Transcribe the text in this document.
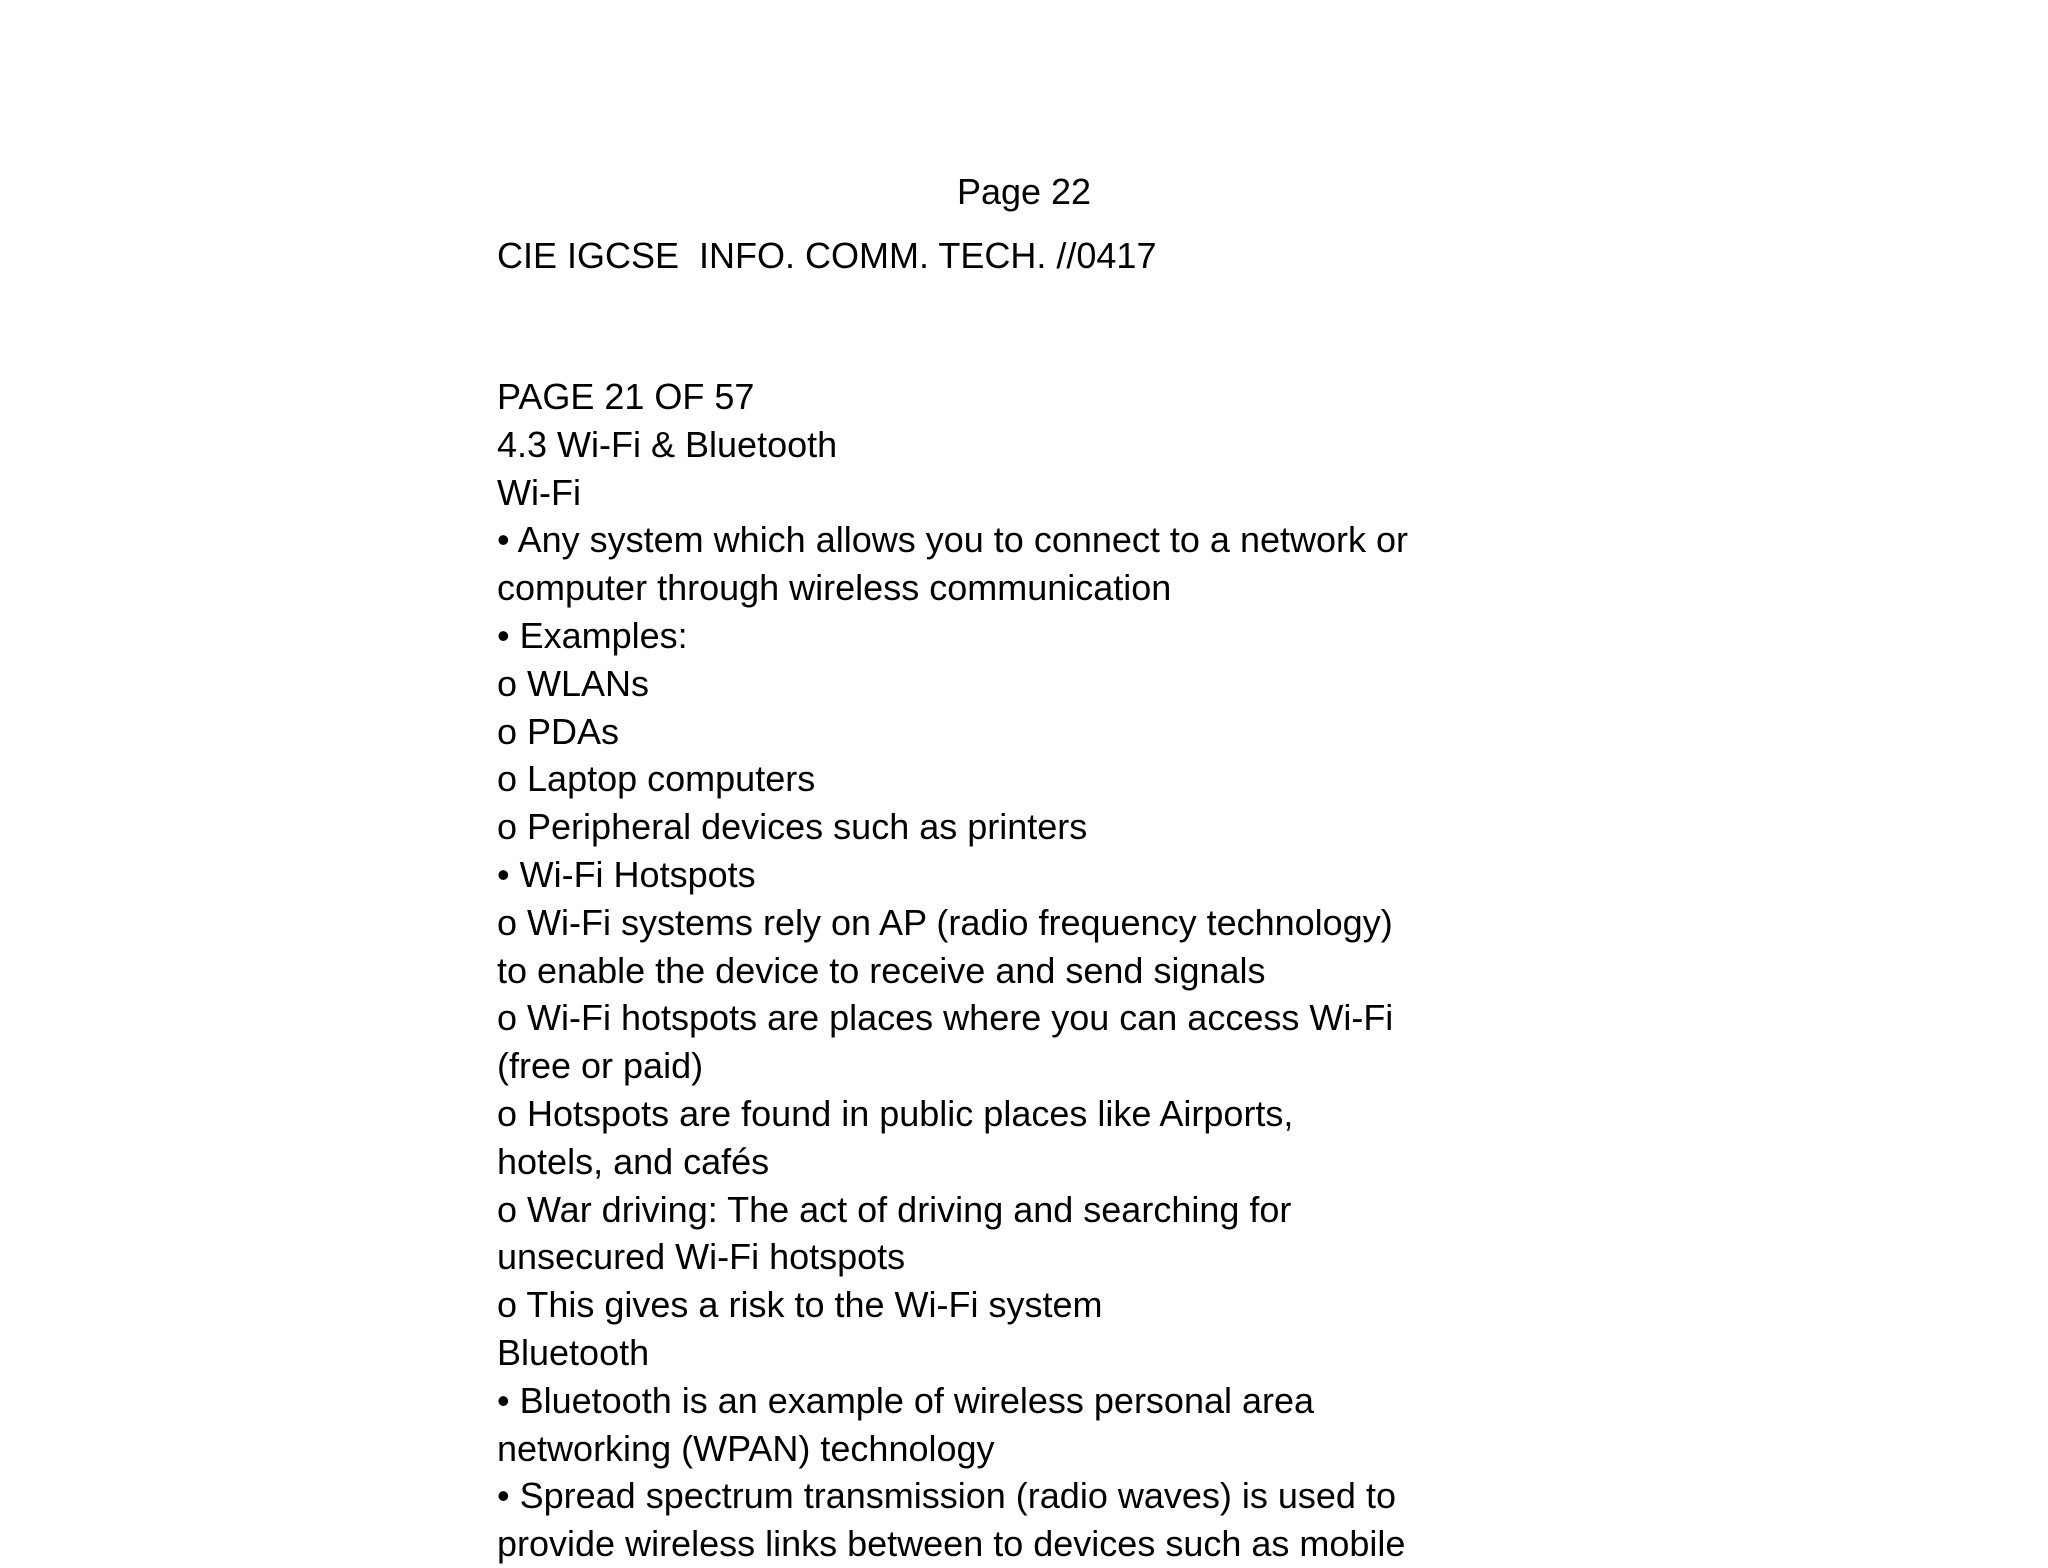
Page 22
CIE IGCSE  INFO. COMM. TECH. //0417
PAGE 21 OF 57
4.3 Wi-Fi & Bluetooth
Wi-Fi
• Any system which allows you to connect to a network or
computer through wireless communication
• Examples:
o WLANs
o PDAs
o Laptop computers
o Peripheral devices such as printers
• Wi-Fi Hotspots
o Wi-Fi systems rely on AP (radio frequency technology)
to enable the device to receive and send signals
o Wi-Fi hotspots are places where you can access Wi-Fi
(free or paid)
o Hotspots are found in public places like Airports,
hotels, and cafés
o War driving: The act of driving and searching for
unsecured Wi-Fi hotspots
o This gives a risk to the Wi-Fi system
Bluetooth
• Bluetooth is an example of wireless personal area
networking (WPAN) technology
• Spread spectrum transmission (radio waves) is used to
provide wireless links between to devices such as mobile
